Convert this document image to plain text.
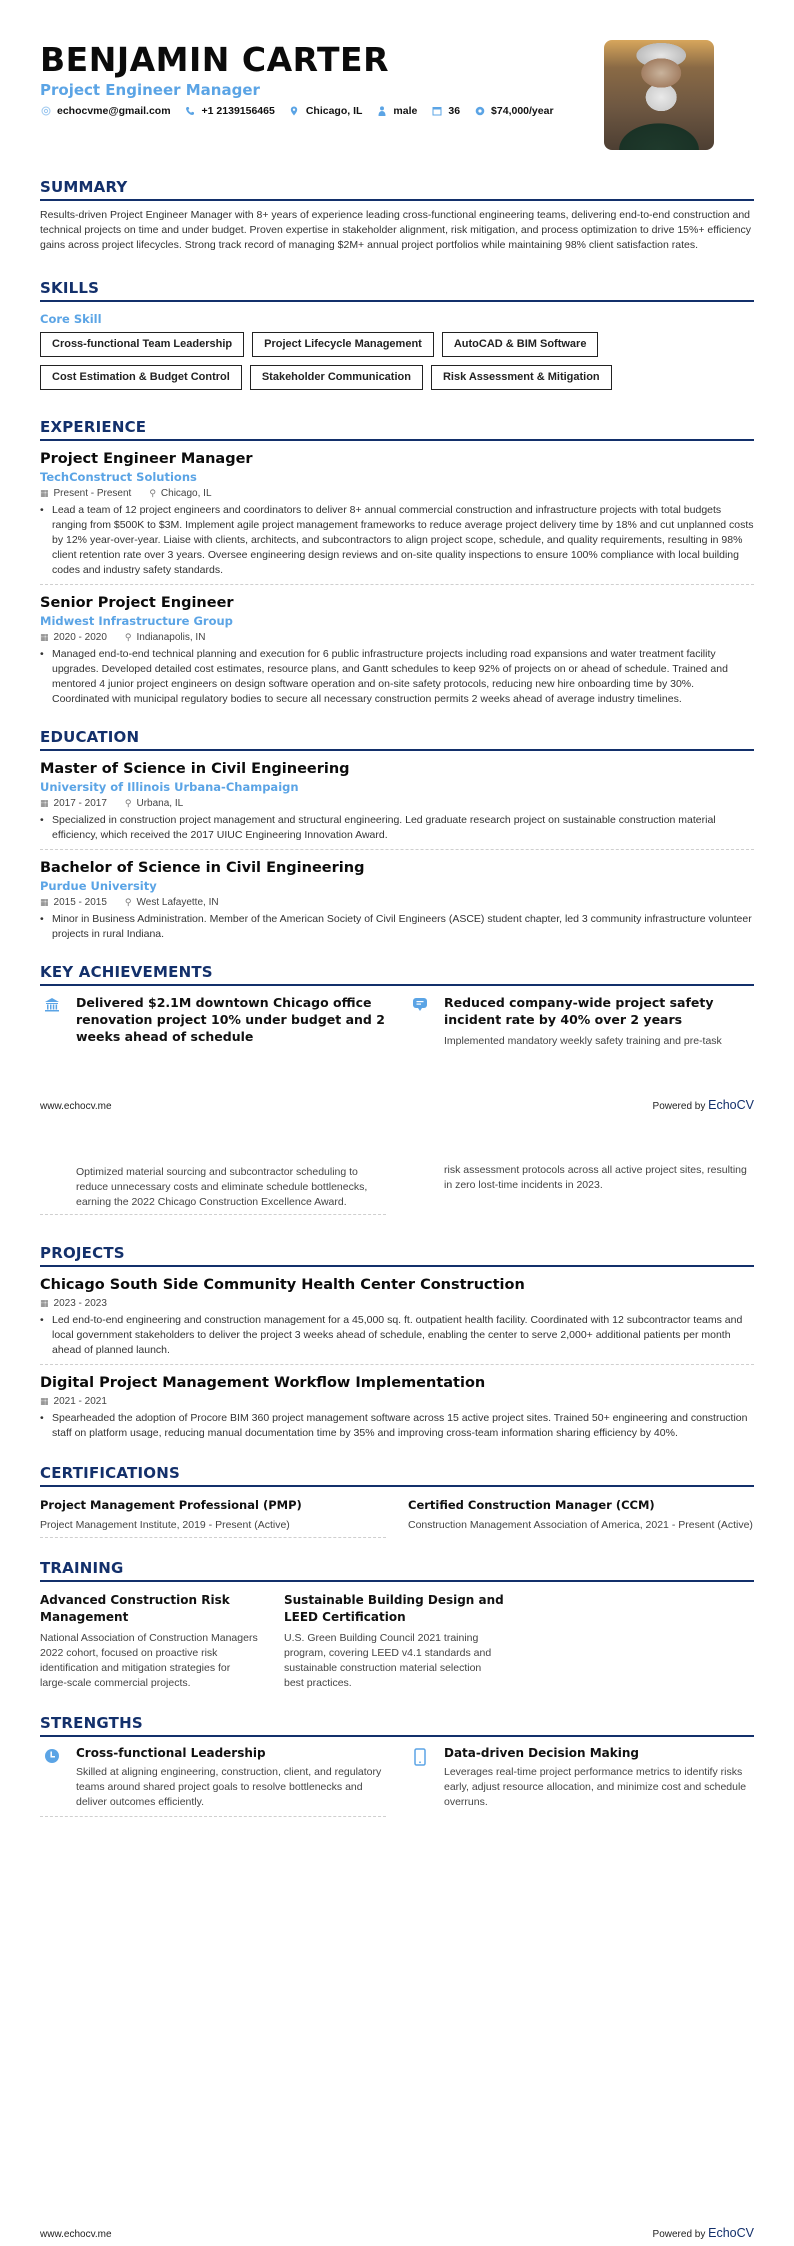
BENJAMIN CARTER
Project Engineer Manager
echocvme@gmail.com	+1 2139156465	Chicago, IL	male	36	$74,000/year
SUMMARY
Results-driven Project Engineer Manager with 8+ years of experience leading cross-functional engineering teams, delivering end-to-end construction and technical projects on time and under budget. Proven expertise in stakeholder alignment, risk mitigation, and process optimization to drive 15%+ efficiency gains across project lifecycles. Strong track record of managing $2M+ annual project portfolios while maintaining 98% client satisfaction rates.
SKILLS
Core Skill
Cross-functional Team Leadership	Project Lifecycle Management	AutoCAD & BIM Software
Cost Estimation & Budget Control	Stakeholder Communication	Risk Assessment & Mitigation
EXPERIENCE
Project Engineer Manager
TechConstruct Solutions
▦ Present - Present ⚲ Chicago, IL
• Lead a team of 12 project engineers and coordinators to deliver 8+ annual commercial construction and infrastructure projects with total budgets ranging from $500K to $3M. Implement agile project management frameworks to reduce average project delivery time by 18% and cut unplanned costs by 12% year-over-year. Liaise with clients, architects, and subcontractors to align project scope, schedule, and quality requirements, resulting in 98% client retention rate over 3 years. Oversee engineering design reviews and on-site quality inspections to ensure 100% compliance with local building codes and industry safety standards.
Senior Project Engineer
Midwest Infrastructure Group
▦ 2020 - 2020 ⚲ Indianapolis, IN
• Managed end-to-end technical planning and execution for 6 public infrastructure projects including road expansions and water treatment facility upgrades. Developed detailed cost estimates, resource plans, and Gantt schedules to keep 92% of projects on or ahead of schedule. Trained and mentored 4 junior project engineers on design software operation and on-site safety protocols, reducing new hire onboarding time by 30%. Coordinated with municipal regulatory bodies to secure all necessary construction permits 2 weeks ahead of average industry timelines.
EDUCATION
Master of Science in Civil Engineering
University of Illinois Urbana-Champaign
▦ 2017 - 2017 ⚲ Urbana, IL
• Specialized in construction project management and structural engineering. Led graduate research project on sustainable construction material efficiency, which received the 2017 UIUC Engineering Innovation Award.
Bachelor of Science in Civil Engineering
Purdue University
▦ 2015 - 2015 ⚲ West Lafayette, IN
• Minor in Business Administration. Member of the American Society of Civil Engineers (ASCE) student chapter, led 3 community infrastructure volunteer projects in rural Indiana.
KEY ACHIEVEMENTS
Delivered $2.1M downtown Chicago office renovation project 10% under budget and 2 weeks ahead of schedule
Reduced company-wide project safety incident rate by 40% over 2 years
Implemented mandatory weekly safety training and pre-task
www.echocv.me	Powered by EchoCV
Optimized material sourcing and subcontractor scheduling to reduce unnecessary costs and eliminate schedule bottlenecks, earning the 2022 Chicago Construction Excellence Award.
risk assessment protocols across all active project sites, resulting in zero lost-time incidents in 2023.
PROJECTS
Chicago South Side Community Health Center Construction
▦ 2023 - 2023
• Led end-to-end engineering and construction management for a 45,000 sq. ft. outpatient health facility. Coordinated with 12 subcontractor teams and local government stakeholders to deliver the project 3 weeks ahead of schedule, enabling the center to serve 2,000+ additional patients per month ahead of planned launch.
Digital Project Management Workflow Implementation
▦ 2021 - 2021
• Spearheaded the adoption of Procore BIM 360 project management software across 15 active project sites. Trained 50+ engineering and construction staff on platform usage, reducing manual documentation time by 35% and improving cross-team information sharing efficiency by 40%.
CERTIFICATIONS
Project Management Professional (PMP)
Project Management Institute, 2019 - Present (Active)
Certified Construction Manager (CCM)
Construction Management Association of America, 2021 - Present (Active)
TRAINING
Advanced Construction Risk Management
National Association of Construction Managers 2022 cohort, focused on proactive risk identification and mitigation strategies for large-scale commercial projects.
Sustainable Building Design and LEED Certification
U.S. Green Building Council 2021 training program, covering LEED v4.1 standards and sustainable construction material selection best practices.
STRENGTHS
Cross-functional Leadership
Skilled at aligning engineering, construction, client, and regulatory teams around shared project goals to resolve bottlenecks and deliver outcomes efficiently.
Data-driven Decision Making
Leverages real-time project performance metrics to identify risks early, adjust resource allocation, and minimize cost and schedule overruns.
www.echocv.me	Powered by EchoCV
